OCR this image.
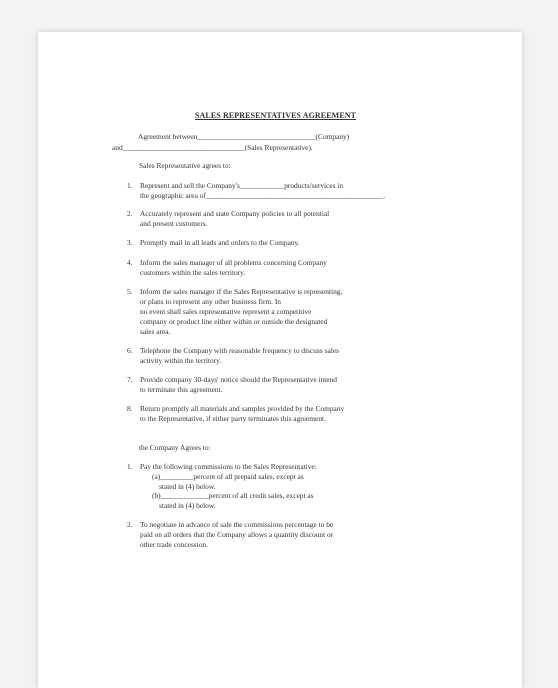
SALES REPRESENTATIVES AGREEMENT
Agreement between________________________________(Company)
and_________________________________(Sales Representative).
Sales Representative agrees to:
1. Represent and sell the Company's____________products/services in
the geographic area of________________________________________________.
2. Accurately represent and state Company policies to all potential
and present customers.
3. Promptly mail in all leads and orders to the Company.
4. Inform the sales manager of all problems concerning Company
customers within the sales territory.
5. Inform the sales manager if the Sales Representative is representing,
or plans to represent any other business firm. In
no event shall sales representative represent a competitive
company or product line either within or outside the designated
sales area.
6. Telephone the Company with reasonable frequency to discuss sales
activity within the territory.
7. Provide company 30-days' notice should the Representative intend
to terminate this agreement.
8. Return promptly all materials and samples provided by the Company
to the Representative, if either party terminates this agreement.
the Company Agrees to:
1. Pay the following commissions to the Sales Representative:
(a)_________percent of all prepaid sales, except as
stated in (4) below.
(b)_____________percent of all credit sales, except as
stated in (4) below.
2. To negotiate in advance of sale the commissions percentage to be
paid on all orders that the Company allows a quantity discount or
other trade concession.
